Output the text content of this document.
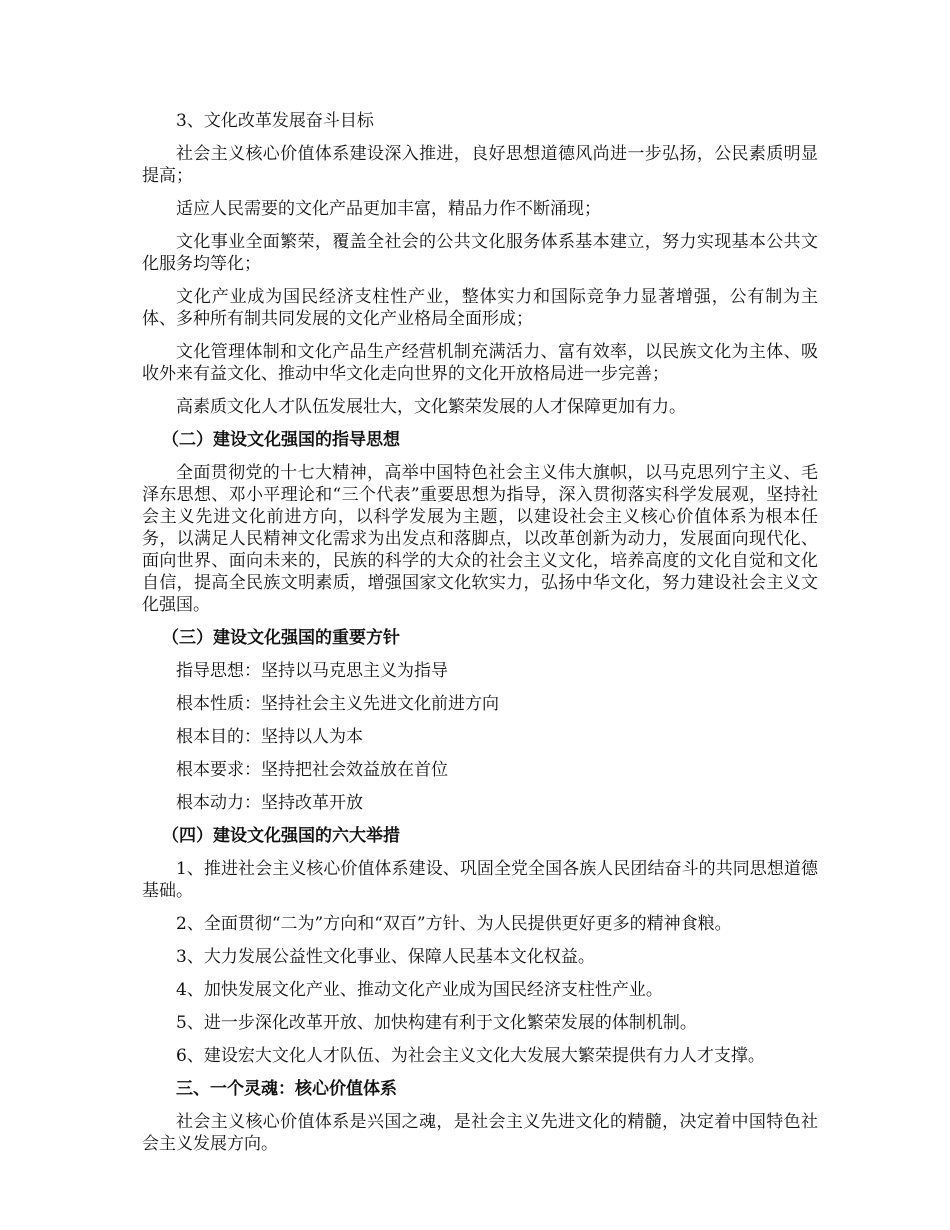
3、文化改革发展奋斗目标

社会主义核心价值体系建设深入推进，良好思想道德风尚进一步弘扬，公民素质明显提高；

适应人民需要的文化产品更加丰富，精品力作不断涌现；

文化事业全面繁荣，覆盖全社会的公共文化服务体系基本建立，努力实现基本公共文化服务均等化；

文化产业成为国民经济支柱性产业，整体实力和国际竞争力显著增强，公有制为主体、多种所有制共同发展的文化产业格局全面形成；

文化管理体制和文化产品生产经营机制充满活力、富有效率，以民族文化为主体、吸收外来有益文化、推动中华文化走向世界的文化开放格局进一步完善；

高素质文化人才队伍发展壮大，文化繁荣发展的人才保障更加有力。

（二）建设文化强国的指导思想

全面贯彻党的十七大精神，高举中国特色社会主义伟大旗帜，以马克思列宁主义、毛泽东思想、邓小平理论和“三个代表”重要思想为指导，深入贯彻落实科学发展观，坚持社会主义先进文化前进方向，以科学发展为主题，以建设社会主义核心价值体系为根本任务，以满足人民精神文化需求为出发点和落脚点，以改革创新为动力，发展面向现代化、面向世界、面向未来的，民族的科学的大众的社会主义文化，培养高度的文化自觉和文化自信，提高全民族文明素质，增强国家文化软实力，弘扬中华文化，努力建设社会主义文化强国。

（三）建设文化强国的重要方针

指导思想：坚持以马克思主义为指导

根本性质：坚持社会主义先进文化前进方向

根本目的：坚持以人为本

根本要求：坚持把社会效益放在首位

根本动力：坚持改革开放

（四）建设文化强国的六大举措

1、推进社会主义核心价值体系建设、巩固全党全国各族人民团结奋斗的共同思想道德基础。

2、全面贯彻“二为”方向和“双百”方针、为人民提供更好更多的精神食粮。

3、大力发展公益性文化事业、保障人民基本文化权益。

4、加快发展文化产业、推动文化产业成为国民经济支柱性产业。

5、进一步深化改革开放、加快构建有利于文化繁荣发展的体制机制。

6、建设宏大文化人才队伍、为社会主义文化大发展大繁荣提供有力人才支撑。

三、一个灵魂：核心价值体系

社会主义核心价值体系是兴国之魂，是社会主义先进文化的精髓，决定着中国特色社会主义发展方向。
